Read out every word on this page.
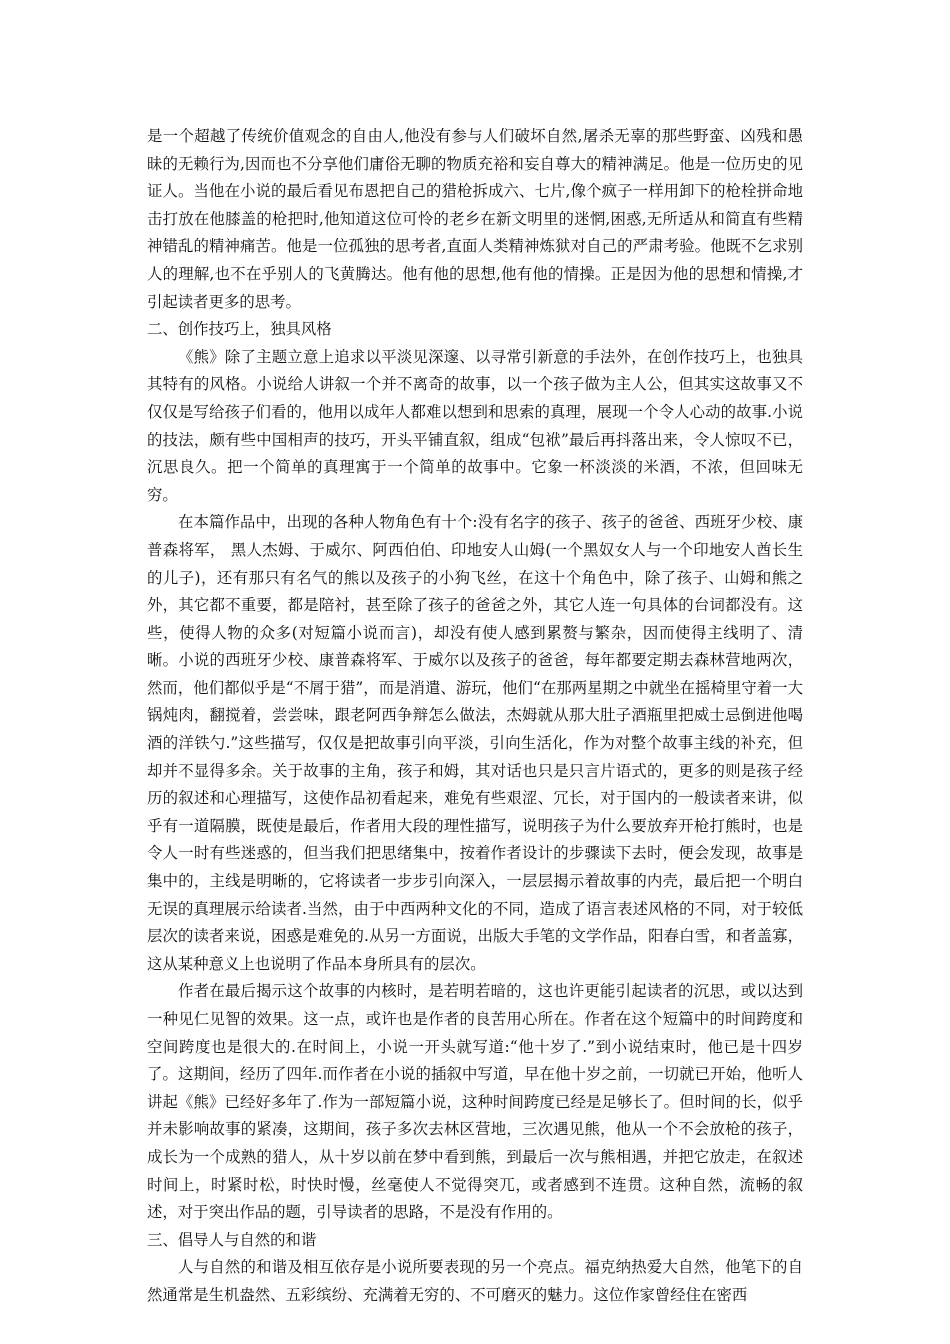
是一个超越了传统价值观念的自由人,他没有参与人们破坏自然,屠杀无辜的那些野蛮、凶残和愚昧的无赖行为,因而也不分享他们庸俗无聊的物质充裕和妄自尊大的精神满足。他是一位历史的见证人。当他在小说的最后看见布恩把自己的猎枪拆成六、七片,像个疯子一样用卸下的枪栓拼命地击打放在他膝盖的枪把时,他知道这位可怜的老乡在新文明里的迷惘,困惑,无所适从和简直有些精神错乱的精神痛苦。他是一位孤独的思考者,直面人类精神炼狱对自己的严肃考验。他既不乞求别人的理解,也不在乎别人的飞黄腾达。他有他的思想,他有他的情操。正是因为他的思想和情操,才引起读者更多的思考。

二、创作技巧上，独具风格

《熊》除了主题立意上追求以平淡见深邃、以寻常引新意的手法外，在创作技巧上，也独具其特有的风格。小说给人讲叙一个并不离奇的故事，以一个孩子做为主人公，但其实这故事又不仅仅是写给孩子们看的，他用以成年人都难以想到和思索的真理，展现一个令人心动的故事.小说的技法，颇有些中国相声的技巧，开头平铺直叙，组成“包袱”最后再抖落出来，令人惊叹不已，沉思良久。把一个简单的真理寓于一个简单的故事中。它象一杯淡淡的米酒，不浓，但回味无穷。

在本篇作品中，出现的各种人物角色有十个:没有名字的孩子、孩子的爸爸、西班牙少校、康普森将军， 黑人杰姆、于威尔、阿西伯伯、印地安人山姆(一个黑奴女人与一个印地安人酋长生的儿子)，还有那只有名气的熊以及孩子的小狗飞丝，在这十个角色中，除了孩子、山姆和熊之外，其它都不重要，都是陪衬，甚至除了孩子的爸爸之外，其它人连一句具体的台词都没有。这些，使得人物的众多(对短篇小说而言)，却没有使人感到累赘与繁杂，因而使得主线明了、清晰。小说的西班牙少校、康普森将军、于威尔以及孩子的爸爸，每年都要定期去森林营地两次，然而，他们都似乎是“不屑于猎”，而是消遣、游玩，他们“在那两星期之中就坐在摇椅里守着一大锅炖肉，翻搅着，尝尝味，跟老阿西争辩怎么做法，杰姆就从那大肚子酒瓶里把威士忌倒进他喝酒的洋铁勺.”这些描写，仅仅是把故事引向平淡，引向生活化，作为对整个故事主线的补充，但却并不显得多余。关于故事的主角，孩子和姆，其对话也只是只言片语式的，更多的则是孩子经历的叙述和心理描写，这使作品初看起来，难免有些艰涩、冗长，对于国内的一般读者来讲，似乎有一道隔膜，既使是最后，作者用大段的理性描写，说明孩子为什么要放弃开枪打熊时，也是令人一时有些迷惑的，但当我们把思绪集中，按着作者设计的步骤读下去时，便会发现，故事是集中的，主线是明晰的，它将读者一步步引向深入，一层层揭示着故事的内壳，最后把一个明白无误的真理展示给读者.当然，由于中西两种文化的不同，造成了语言表述风格的不同，对于较低层次的读者来说，困惑是难免的.从另一方面说，出版大手笔的文学作品，阳春白雪，和者盖寡，这从某种意义上也说明了作品本身所具有的层次。

作者在最后揭示这个故事的内核时，是若明若暗的，这也许更能引起读者的沉思，或以达到一种见仁见智的效果。这一点，或许也是作者的良苦用心所在。作者在这个短篇中的时间跨度和空间跨度也是很大的.在时间上，小说一开头就写道:“他十岁了.”到小说结束时，他已是十四岁了。这期间，经历了四年.而作者在小说的插叙中写道，早在他十岁之前，一切就已开始，他听人讲起《熊》已经好多年了.作为一部短篇小说，这种时间跨度已经是足够长了。但时间的长，似乎并未影响故事的紧凑，这期间，孩子多次去林区营地，三次遇见熊，他从一个不会放枪的孩子，成长为一个成熟的猎人，从十岁以前在梦中看到熊，到最后一次与熊相遇，并把它放走，在叙述时间上，时紧时松，时快时慢，丝毫使人不觉得突兀，或者感到不连贯。这种自然，流畅的叙述，对于突出作品的题，引导读者的思路，不是没有作用的。

三、倡导人与自然的和谐

人与自然的和谐及相互依存是小说所要表现的另一个亮点。福克纳热爱大自然，他笔下的自然通常是生机盎然、五彩缤纷、充满着无穷的、不可磨灭的魅力。这位作家曾经住在密西
